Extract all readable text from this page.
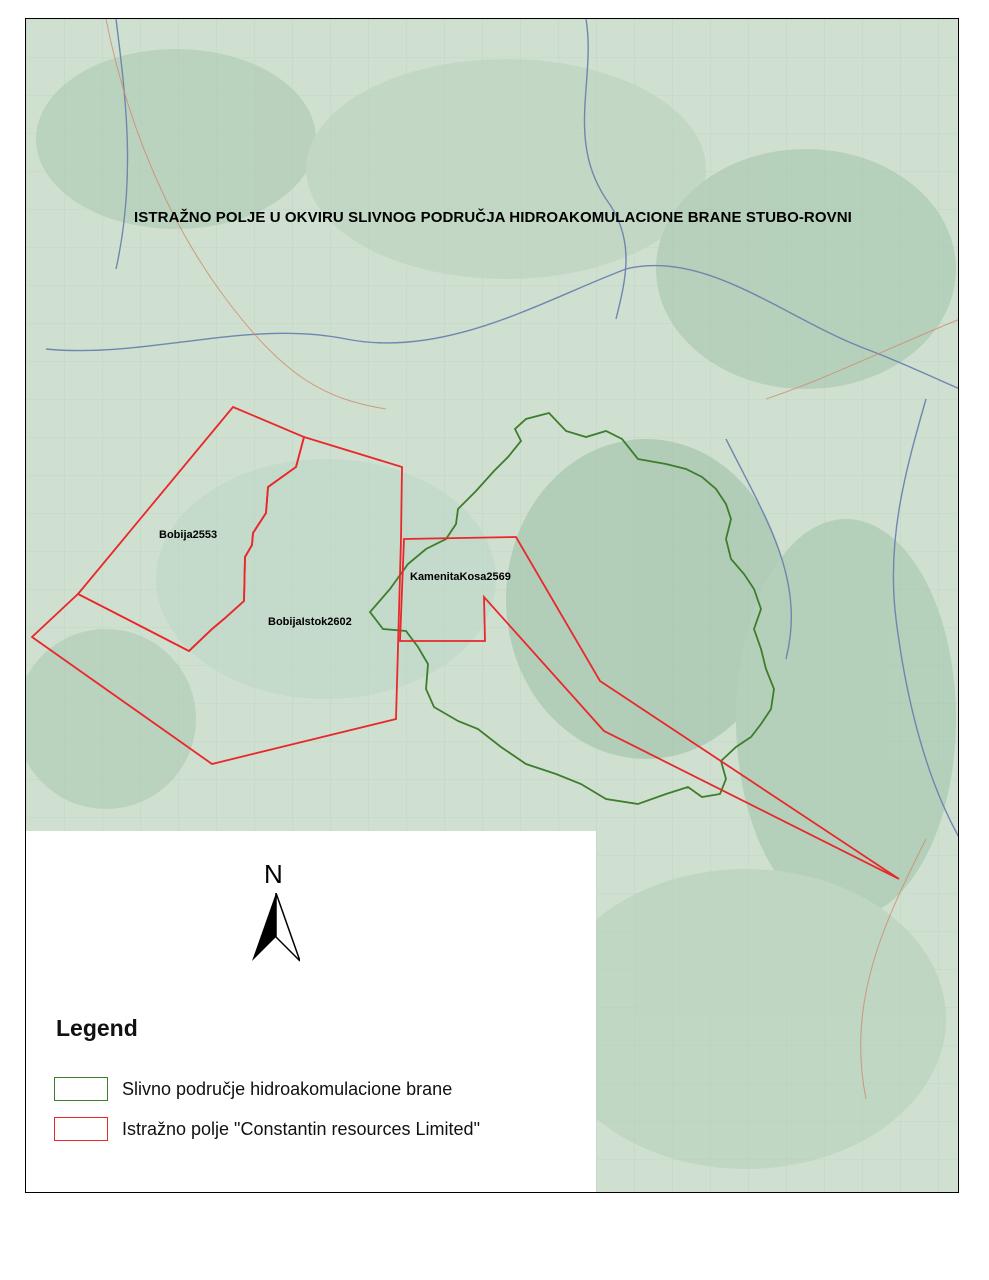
ISTRAŽNO POLJE U OKVIRU SLIVNOG PODRUČJA HIDROAKOMULACIONE BRANE STUBO-ROVNI
Bobija2553
BobijaIstok2602
KamenitaKosa2569
N
Legend
Slivno područje hidroakomulacione brane
Istražno polje "Constantin resources Limited"
